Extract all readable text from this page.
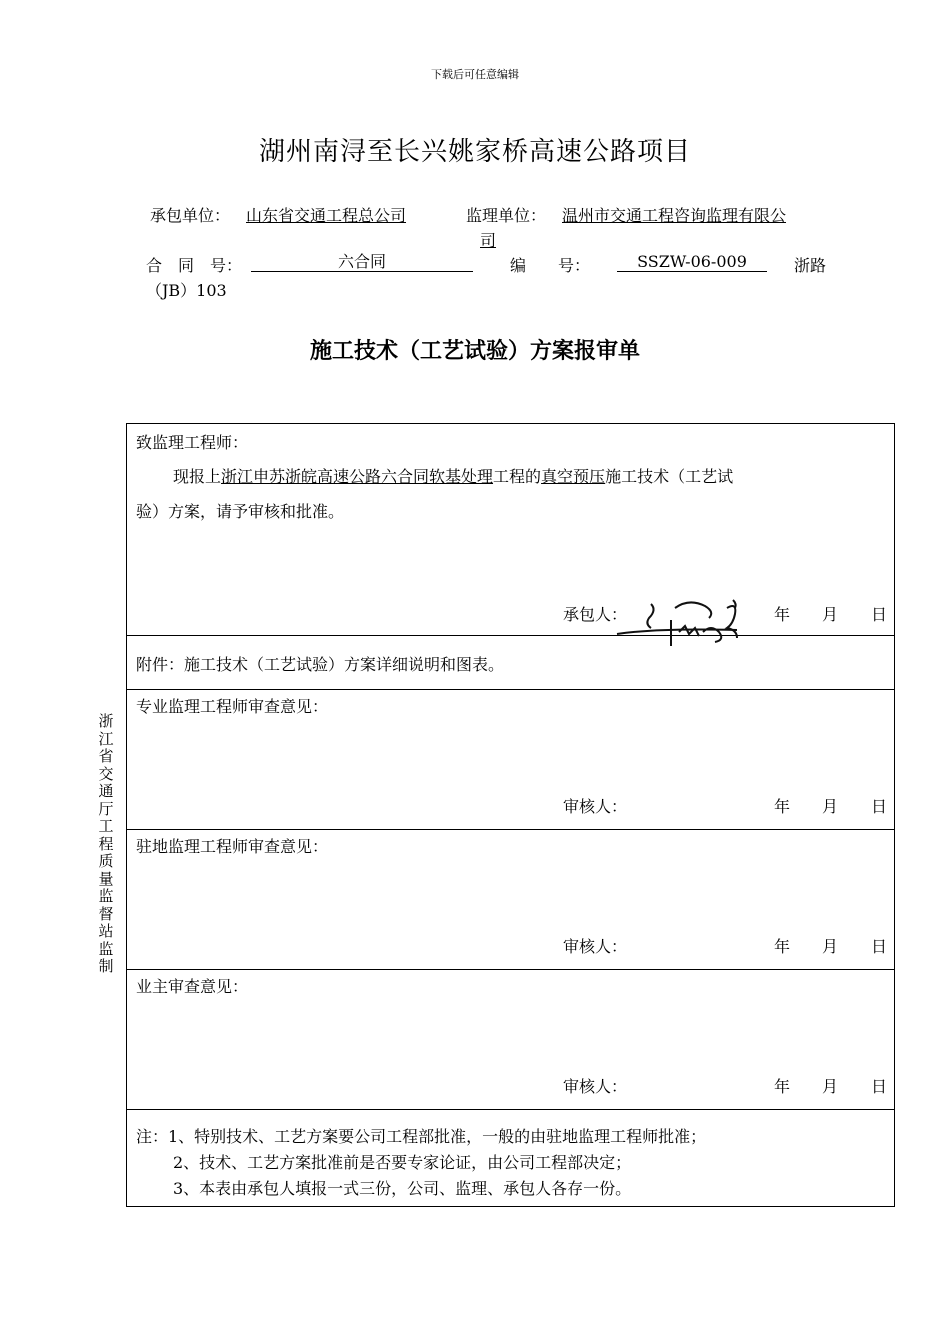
下载后可任意编辑
湖州南浔至长兴姚家桥高速公路项目
承包单位： 山东省交通工程总公司	监理单位： 温州市交通工程咨询监理有限公
司
合　同　号：	六合同	编　　号：	SSZW-06-009	浙路
（JB）103
施工技术（工艺试验）方案报审单
浙江省交通厅工程质量监督站监制
致监理工程师：
现报上浙江申苏浙皖高速公路六合同软基处理工程的真空预压施工技术（工艺试
验）方案，请予审核和批准。
承包人：	年 月 日
附件：施工技术（工艺试验）方案详细说明和图表。
专业监理工程师审查意见：
审核人：	年 月 日
驻地监理工程师审查意见：
审核人：	年 月 日
业主审查意见：
审核人：	年 月 日
注：1、特别技术、工艺方案要公司工程部批准，一般的由驻地监理工程师批准；
2、技术、工艺方案批准前是否要专家论证，由公司工程部决定；
3、本表由承包人填报一式三份，公司、监理、承包人各存一份。
